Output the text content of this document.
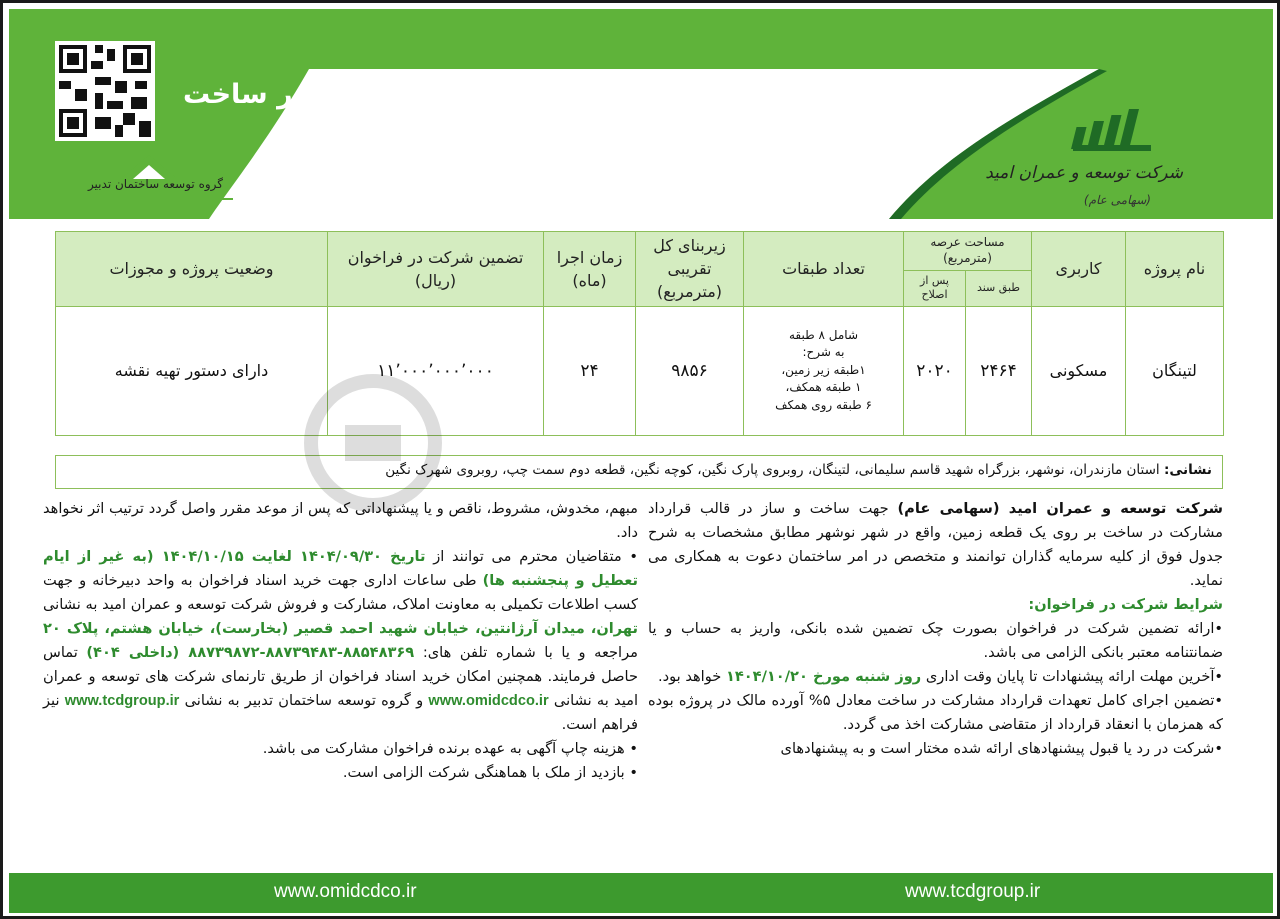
فراخوان دعوت به مشارکت در ساخت
گروه توسعه ساختمان تدبیر
شرکت توسعه و عمران امید
(سهامی عام)
نام پروژه	کاربری	مساحت عرصه (مترمربع)		تعداد طبقات	زیربنای کل تقریبی (مترمربع)	زمان اجرا (ماه)	تضمین شرکت در فراخوان (ریال)	وضعیت پروژه و مجوزات
		طبق سند	پس از اصلاح					
لتینگان	مسکونی	۲۴۶۴	۲۰۲۰	شامل ۸ طبقه
به شرح:
۱طبقه زیر زمین،
۱ طبقه همکف،
۶ طبقه روی همکف	۹۸۵۶	۲۴	۱۱٬۰۰۰٬۰۰۰٬۰۰۰	دارای دستور تهیه نقشه
نشانی: استان مازندران، نوشهر، بزرگراه شهید قاسم سلیمانی، لتینگان، روبروی پارک نگین، کوچه نگین، قطعه دوم سمت چپ، روبروی شهرک نگین

شرکت توسعه و عمران امید (سهامی عام) جهت ساخت و ساز در قالب قرارداد مشارکت در ساخت بر روی یک قطعه زمین، واقع در شهر نوشهر مطابق مشخصات به شرح جدول فوق از کلیه سرمایه گذاران توانمند و متخصص در امر ساختمان دعوت به همکاری می نماید.

شرایط شرکت در فراخوان:

•ارائه تضمین شرکت در فراخوان بصورت چک تضمین شده بانکی، واریز به حساب و یا ضمانتنامه معتبر بانکی الزامی می باشد.

•آخرین مهلت ارائه پیشنهادات تا پایان وقت اداری روز شنبه مورخ ۱۴۰۴/۱۰/۲۰ خواهد بود.

•تضمین اجرای کامل تعهدات قرارداد مشارکت در ساخت معادل ۵% آورده مالک در پروژه بوده که همزمان با انعقاد قرارداد از متقاضی مشارکت اخذ می گردد.

•شرکت در رد یا قبول پیشنهادهای ارائه شده مختار است و به پیشنهادهای

مبهم، مخدوش، مشروط، ناقص و یا پیشنهاداتی که پس از موعد مقرر واصل گردد ترتیب اثر نخواهد داد.

• متقاضیان محترم می توانند از تاریخ ۱۴۰۴/۰۹/۳۰ لغایت ۱۴۰۴/۱۰/۱۵ (به غیر از ایام تعطیل و پنجشنبه ها) طی ساعات اداری جهت خرید اسناد فراخوان به واحد دبیرخانه و جهت کسب اطلاعات تکمیلی به معاونت املاک، مشارکت و فروش شرکت توسعه و عمران امید به نشانی تهران، میدان آرژانتین، خیابان شهید احمد قصیر (بخارست)، خیابان هشتم، پلاک ۲۰ مراجعه و یا با شماره تلفن های: ۸۸۵۴۸۳۶۹-۸۸۷۳۹۴۸۳-۸۸۷۳۹۸۷۲ (داخلی ۴۰۴) تماس حاصل فرمایند. همچنین امکان خرید اسناد فراخوان از طریق تارنمای شرکت های توسعه و عمران امید به نشانی www.omidcdco.ir و گروه توسعه ساختمان تدبیر به نشانی www.tcdgroup.ir نیز فراهم است.

• هزینه چاپ آگهی به عهده برنده فراخوان مشارکت می باشد.

• بازدید از ملک با هماهنگی شرکت الزامی است.

www.omidcdco.ir	www.tcdgroup.ir
